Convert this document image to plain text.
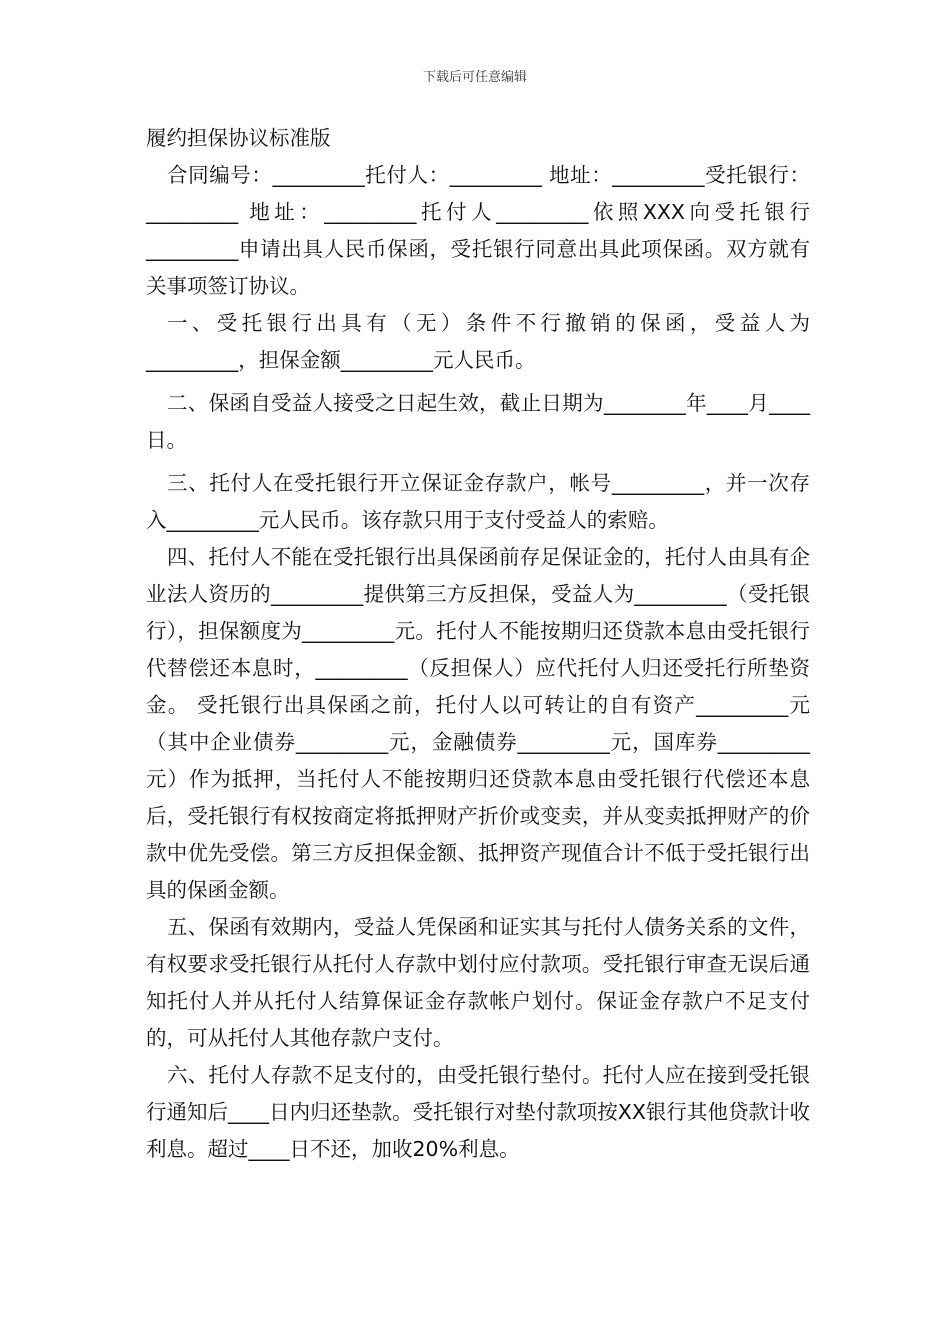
下载后可任意编辑
履约担保协议标准版

合同编号：_________托付人：_________ 地址：_________受托银行：_________ 地址：_________托付人_________依照XXX向受托银行_________申请出具人民币保函，受托银行同意出具此项保函。双方就有关事项签订协议。

一、受托银行出具有（无）条件不行撤销的保函，受益人为_________，担保金额_________元人民币。

二、保函自受益人接受之日起生效，截止日期为________年____月____日。

三、托付人在受托银行开立保证金存款户，帐号_________，并一次存入_________元人民币。该存款只用于支付受益人的索赔。

四、托付人不能在受托银行出具保函前存足保证金的，托付人由具有企业法人资历的_________提供第三方反担保，受益人为_________（受托银行），担保额度为_________元。托付人不能按期归还贷款本息由受托银行代替偿还本息时，_________（反担保人）应代托付人归还受托行所垫资金。 受托银行出具保函之前，托付人以可转让的自有资产_________元（其中企业债券_________元，金融债券_________元，国库券_________元）作为抵押，当托付人不能按期归还贷款本息由受托银行代偿还本息后，受托银行有权按商定将抵押财产折价或变卖，并从变卖抵押财产的价款中优先受偿。第三方反担保金额、抵押资产现值合计不低于受托银行出具的保函金额。

五、保函有效期内，受益人凭保函和证实其与托付人债务关系的文件，有权要求受托银行从托付人存款中划付应付款项。受托银行审查无误后通知托付人并从托付人结算保证金存款帐户划付。保证金存款户不足支付的，可从托付人其他存款户支付。

六、托付人存款不足支付的，由受托银行垫付。托付人应在接到受托银行通知后____日内归还垫款。受托银行对垫付款项按XX银行其他贷款计收利息。超过____日不还，加收20%利息。
